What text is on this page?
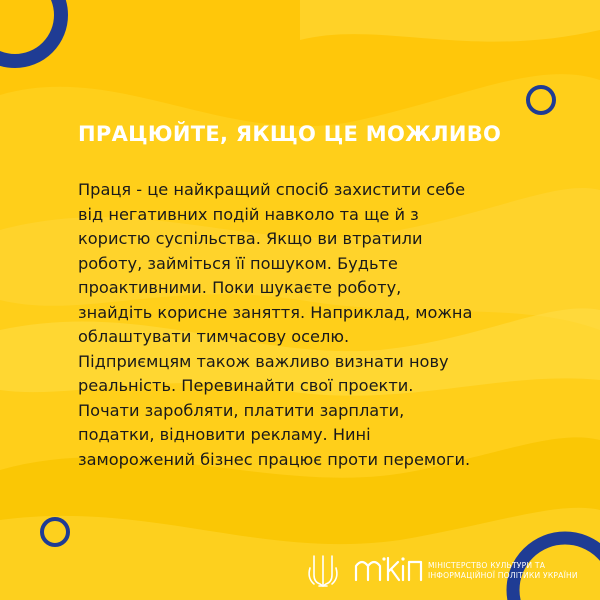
ПРАЦЮЙТЕ, ЯКЩО ЦЕ МОЖЛИВО
Праця - це найкращий спосіб захистити себе
від негативних подій навколо та ще й з
користю суспільства. Якщо ви втратили
роботу, займіться її пошуком. Будьте
проактивними. Поки шукаєте роботу,
знайдіть корисне заняття. Наприклад, можна
облаштувати тимчасову оселю.
Підприємцям також важливо визнати нову
реальність. Перевинайти свої проекти.
Почати заробляти, платити зарплати,
податки, відновити рекламу. Нині
заморожений бізнес працює проти перемоги.
МІНІСТЕРСТВО КУЛЬТУРИ ТА
ІНФОРМАЦІЙНОЇ ПОЛІТИКИ УКРАЇНИ
